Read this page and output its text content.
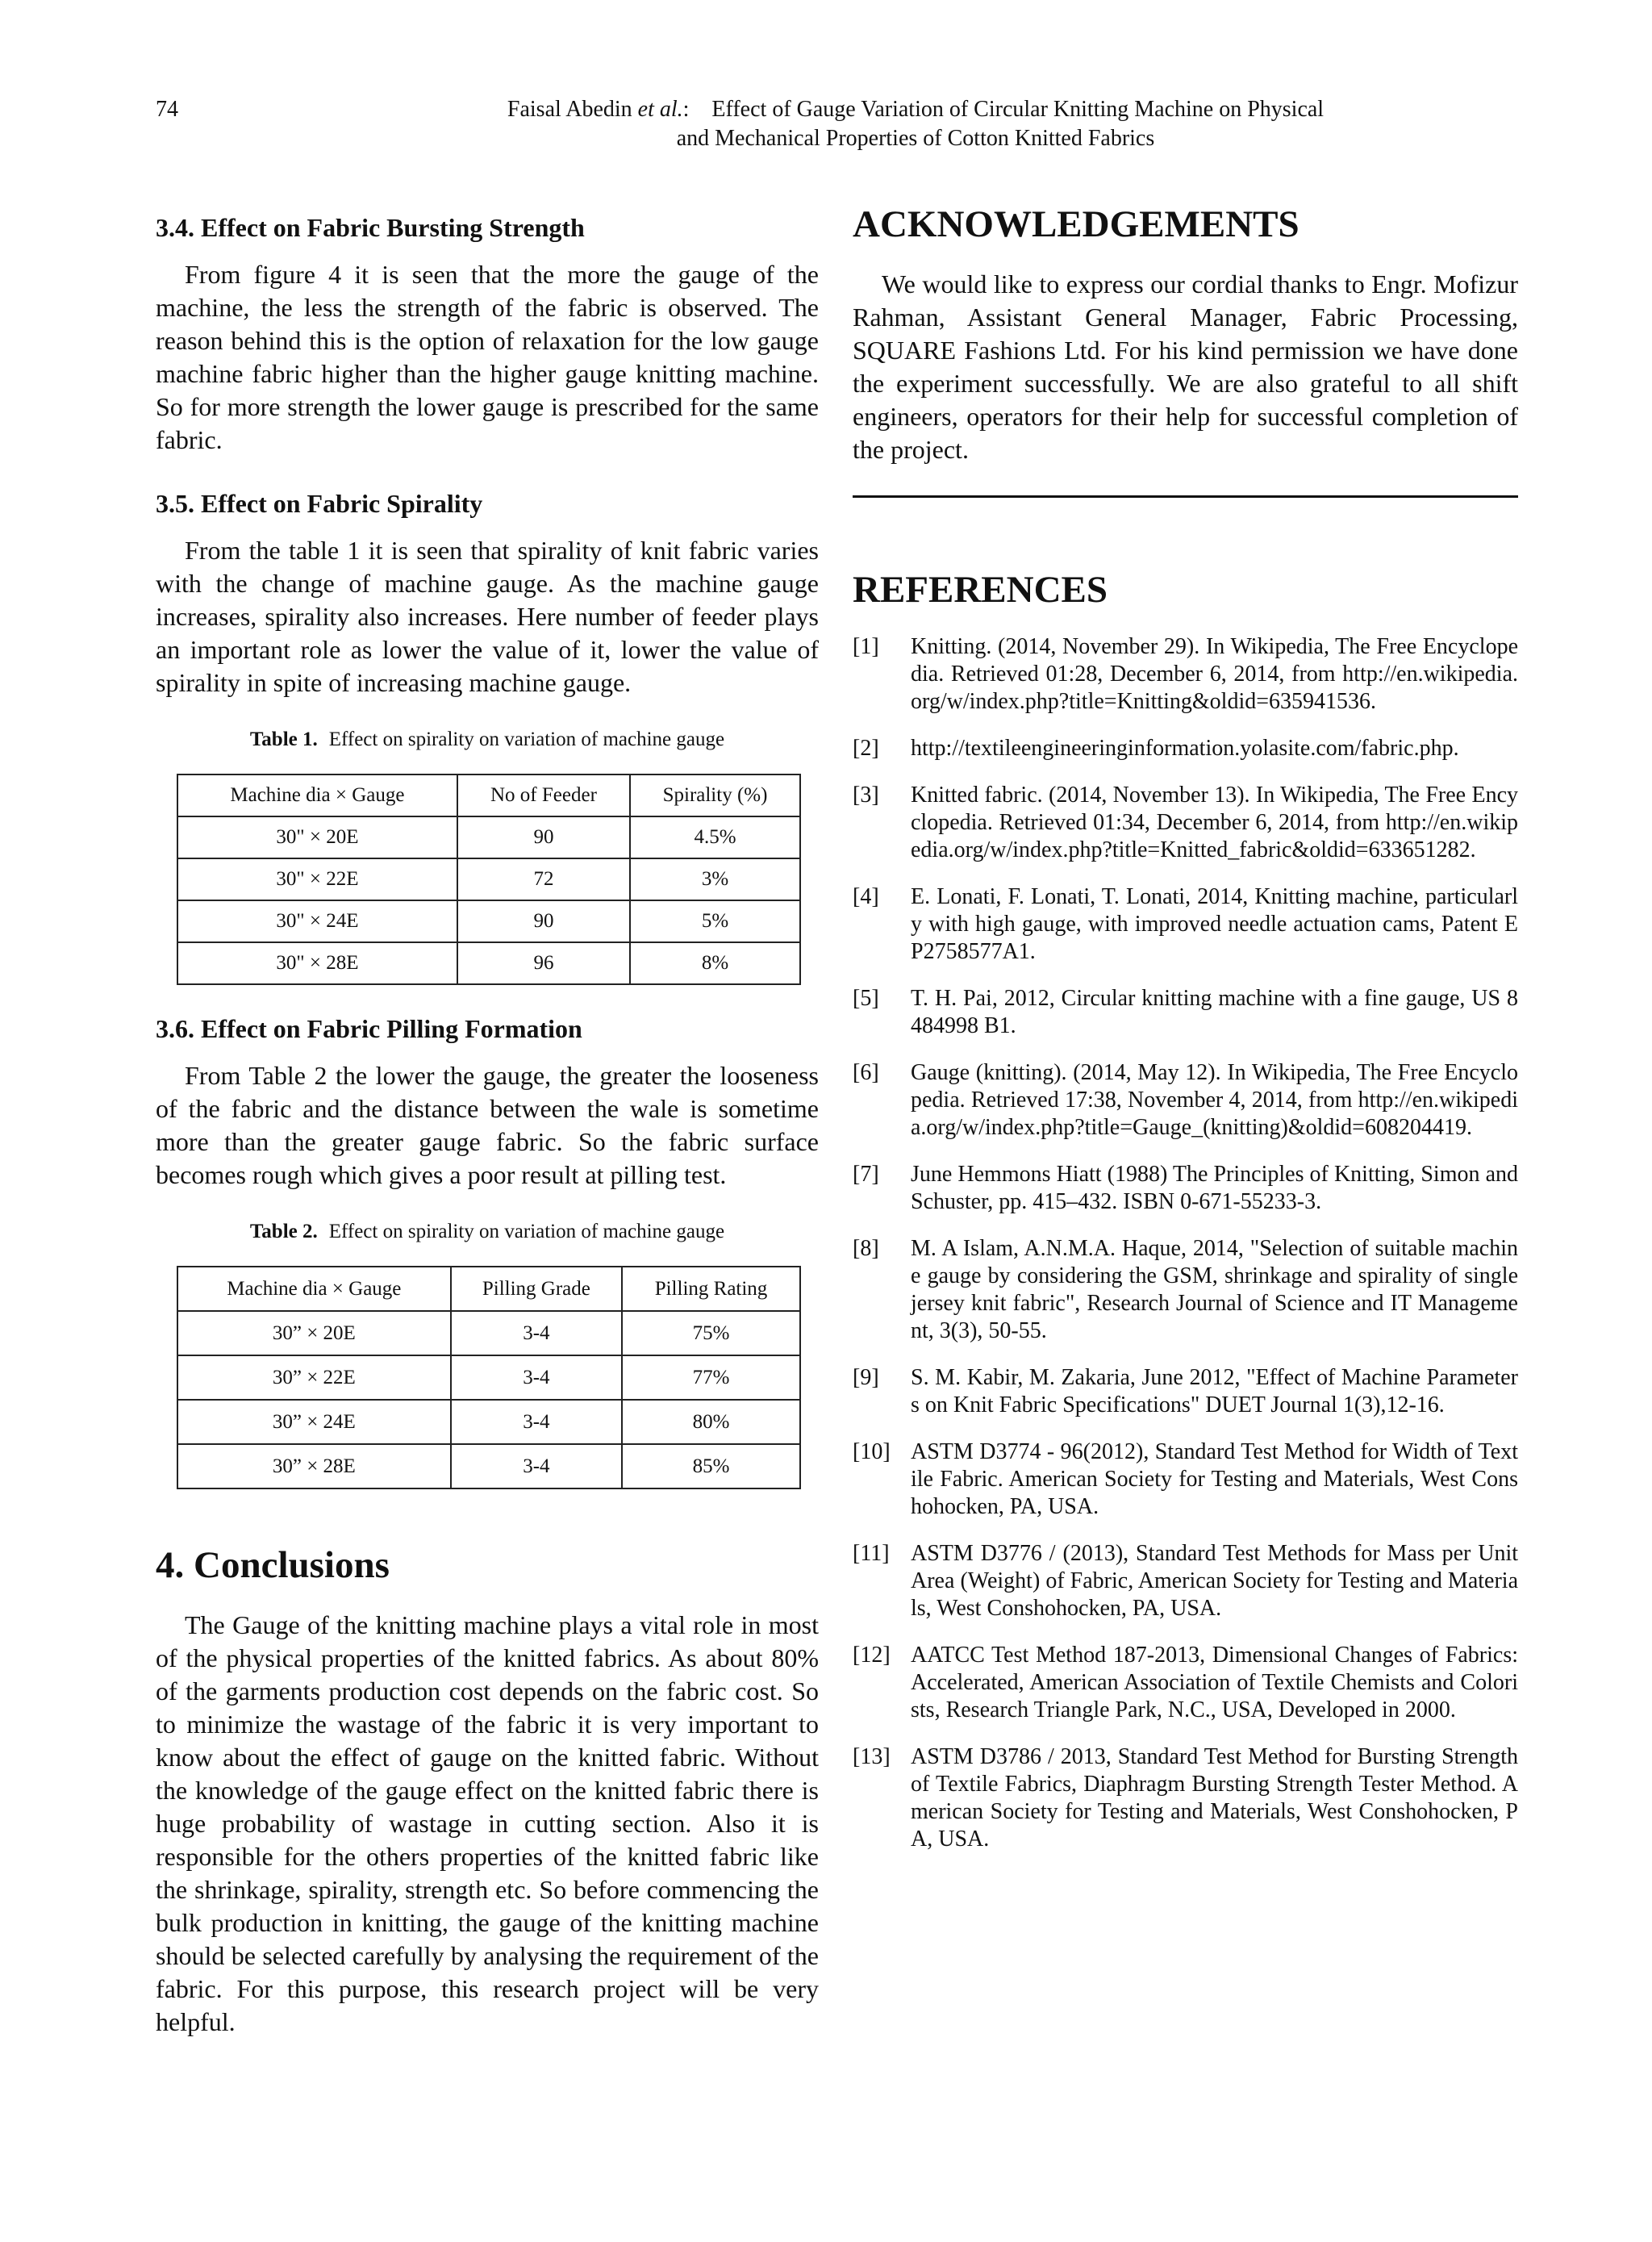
74	Faisal Abedin et al.:    Effect of Gauge Variation of Circular Knitting Machine on Physical
and Mechanical Properties of Cotton Knitted Fabrics
3.4. Effect on Fabric Bursting Strength

From figure 4 it is seen that the more the gauge of the machine, the less the strength of the fabric is observed. The reason behind this is the option of relaxation for the low gauge machine fabric higher than the higher gauge knitting machine. So for more strength the lower gauge is prescribed for the same fabric.

3.5. Effect on Fabric Spirality

From the table 1 it is seen that spirality of knit fabric varies with the change of machine gauge. As the machine gauge increases, spirality also increases. Here number of feeder plays an important role as lower the value of it, lower the value of spirality in spite of increasing machine gauge.

Table 1. Effect on spirality on variation of machine gauge
Machine dia × Gauge	No of Feeder	Spirality (%)
30" × 20E	90	4.5%
30" × 22E	72	3%
30" × 24E	90	5%
30" × 28E	96	8%
3.6. Effect on Fabric Pilling Formation

From Table 2 the lower the gauge, the greater the looseness of the fabric and the distance between the wale is sometime more than the greater gauge fabric. So the fabric surface becomes rough which gives a poor result at pilling test.

Table 2. Effect on spirality on variation of machine gauge
Machine dia × Gauge	Pilling Grade	Pilling Rating
30” × 20E	3-4	75%
30” × 22E	3-4	77%
30” × 24E	3-4	80%
30” × 28E	3-4	85%
4. Conclusions

The Gauge of the knitting machine plays a vital role in most of the physical properties of the knitted fabrics. As about 80% of the garments production cost depends on the fabric cost. So to minimize the wastage of the fabric it is very important to know about the effect of gauge on the knitted fabric. Without the knowledge of the gauge effect on the knitted fabric there is huge probability of wastage in cutting section. Also it is responsible for the others properties of the knitted fabric like the shrinkage, spirality, strength etc. So before commencing the bulk production in knitting, the gauge of the knitting machine should be selected carefully by analysing the requirement of the fabric. For this purpose, this research project will be very helpful.

ACKNOWLEDGEMENTS

We would like to express our cordial thanks to Engr. Mofizur Rahman, Assistant General Manager, Fabric Processing, SQUARE Fashions Ltd. For his kind permission we have done the experiment successfully. We are also grateful to all shift engineers, operators for their help for successful completion of the project.

REFERENCES
[1]	Knitting. (2014, November 29). In Wikipedia, The Free Encyclopedia. Retrieved 01:28, December 6, 2014, from http://en.wikipedia.org/w/index.php?title=Knitting&oldid=635941536.
[2]	http://textileengineeringinformation.yolasite.com/fabric.php.
[3]	Knitted fabric. (2014, November 13). In Wikipedia, The Free Encyclopedia. Retrieved 01:34, December 6, 2014, from http://en.wikipedia.org/w/index.php?title=Knitted_fabric&oldid=633651282.
[4]	E. Lonati, F. Lonati, T. Lonati, 2014, Knitting machine, particularly with high gauge, with improved needle actuation cams, Patent EP2758577A1.
[5]	T. H. Pai, 2012, Circular knitting machine with a fine gauge, US 8484998 B1.
[6]	Gauge (knitting). (2014, May 12). In Wikipedia, The Free Encyclopedia. Retrieved 17:38, November 4, 2014, from http://en.wikipedia.org/w/index.php?title=Gauge_(knitting)&oldid=608204419.
[7]	June Hemmons Hiatt (1988) The Principles of Knitting, Simon and Schuster, pp. 415–432. ISBN 0-671-55233-3.
[8]	M. A Islam, A.N.M.A. Haque, 2014, "Selection of suitable machine gauge by considering the GSM, shrinkage and spirality of single jersey knit fabric", Research Journal of Science and IT Management, 3(3), 50-55.
[9]	S. M. Kabir, M. Zakaria, June 2012, "Effect of Machine Parameters on Knit Fabric Specifications" DUET Journal 1(3),12-16.
[10] ASTM D3774 - 96(2012), Standard Test Method for Width of Textile Fabric. American Society for Testing and Materials, West Conshohocken, PA, USA.
[11] ASTM D3776 / (2013), Standard Test Methods for Mass per Unit Area (Weight) of Fabric, American Society for Testing and Materials, West Conshohocken, PA, USA.
[12] AATCC Test Method 187-2013, Dimensional Changes of Fabrics: Accelerated, American Association of Textile Chemists and Colorists, Research Triangle Park, N.C., USA, Developed in 2000.
[13] ASTM D3786 / 2013, Standard Test Method for Bursting Strength of Textile Fabrics, Diaphragm Bursting Strength Tester Method. American Society for Testing and Materials, West Conshohocken, PA, USA.
